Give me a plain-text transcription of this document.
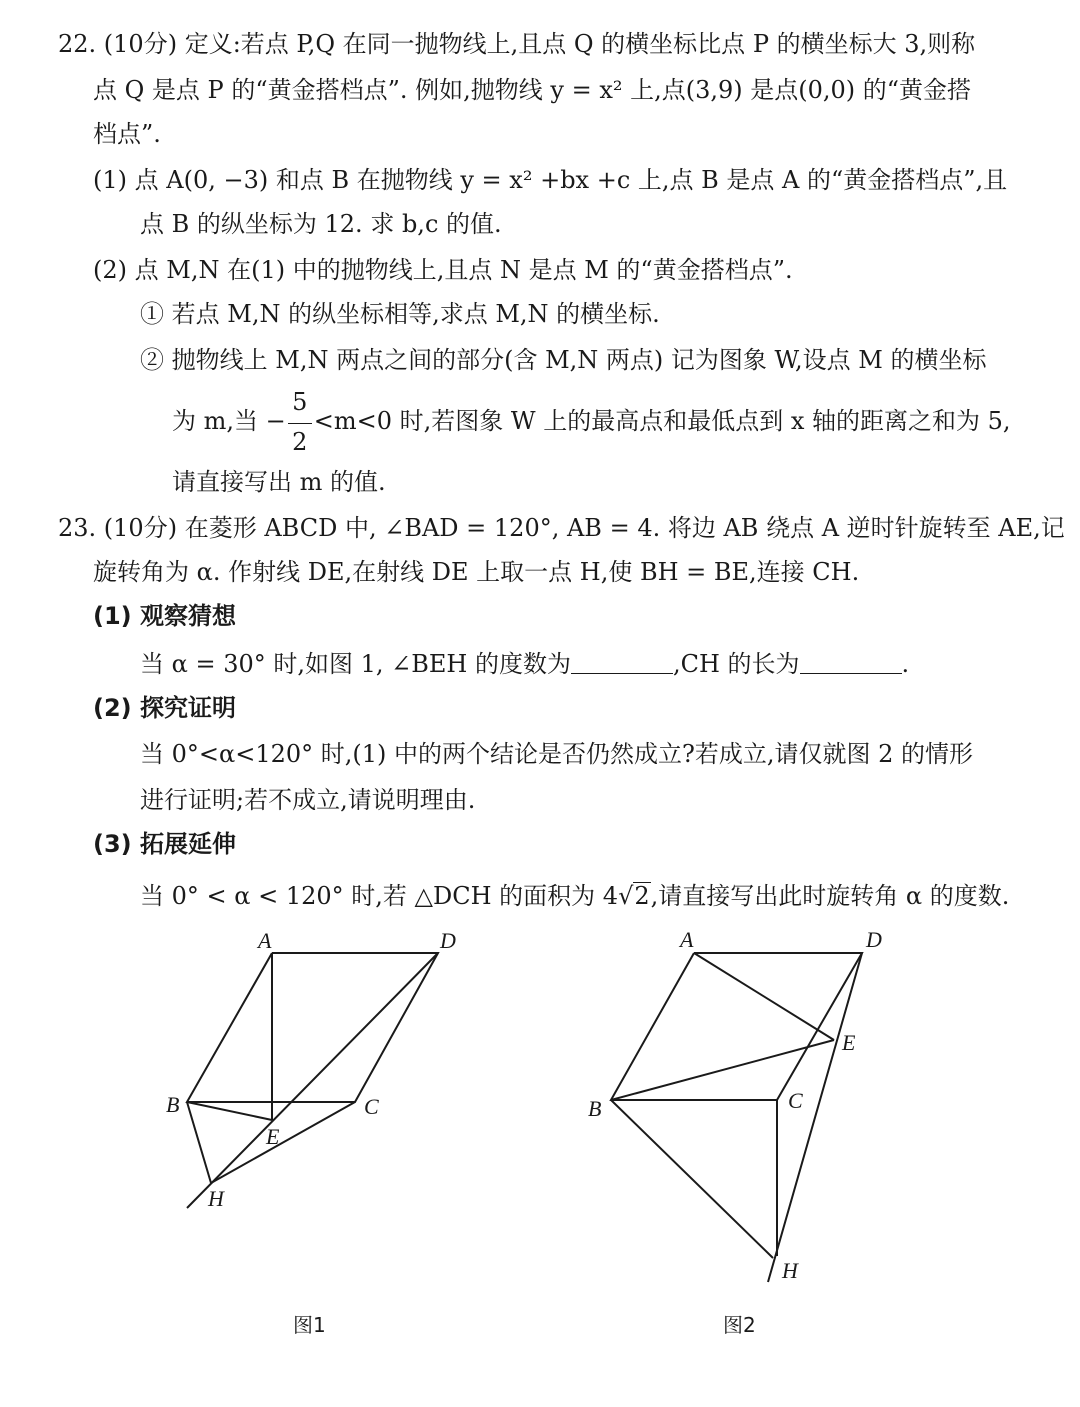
22. (10分) 定义:若点 P,Q 在同一抛物线上,且点 Q 的横坐标比点 P 的横坐标大 3,则称
点 Q 是点 P 的“黄金搭档点”. 例如,抛物线 y = x² 上,点(3,9) 是点(0,0) 的“黄金搭
档点”.
(1) 点 A(0, −3) 和点 B 在抛物线 y = x² +bx +c 上,点 B 是点 A 的“黄金搭档点”,且
点 B 的纵坐标为 12. 求 b,c 的值.
(2) 点 M,N 在(1) 中的抛物线上,且点 N 是点 M 的“黄金搭档点”.
① 若点 M,N 的纵坐标相等,求点 M,N 的横坐标.
② 抛物线上 M,N 两点之间的部分(含 M,N 两点) 记为图象 W,设点 M 的横坐标
为 m,当 − $\frac{5}{2} <m<0$ 时,若图象 W 上的最高点和最低点到 x 轴的距离之和为 5,
请直接写出 m 的值.
23. (10分) 在菱形 ABCD 中, ∠BAD = 120°, AB = 4. 将边 AB 绕点 A 逆时针旋转至 AE,记
旋转角为 α. 作射线 DE,在射线 DE 上取一点 H,使 BH = BE,连接 CH.
(1) 观察猜想
当 α = 30° 时,如图 1, ∠BEH 的度数为	,CH 的长为	.
(2) 探究证明
当 0°<α<120° 时,(1) 中的两个结论是否仍然成立?若成立,请仅就图 2 的情形
进行证明;若不成立,请说明理由.
(3) 拓展延伸
当 0° < α < 120° 时,若 △DCH 的面积为 4√2,请直接写出此时旋转角 α 的度数.
A	D
B	C
E
H
图1
A	D
B	C
E
H
图2
